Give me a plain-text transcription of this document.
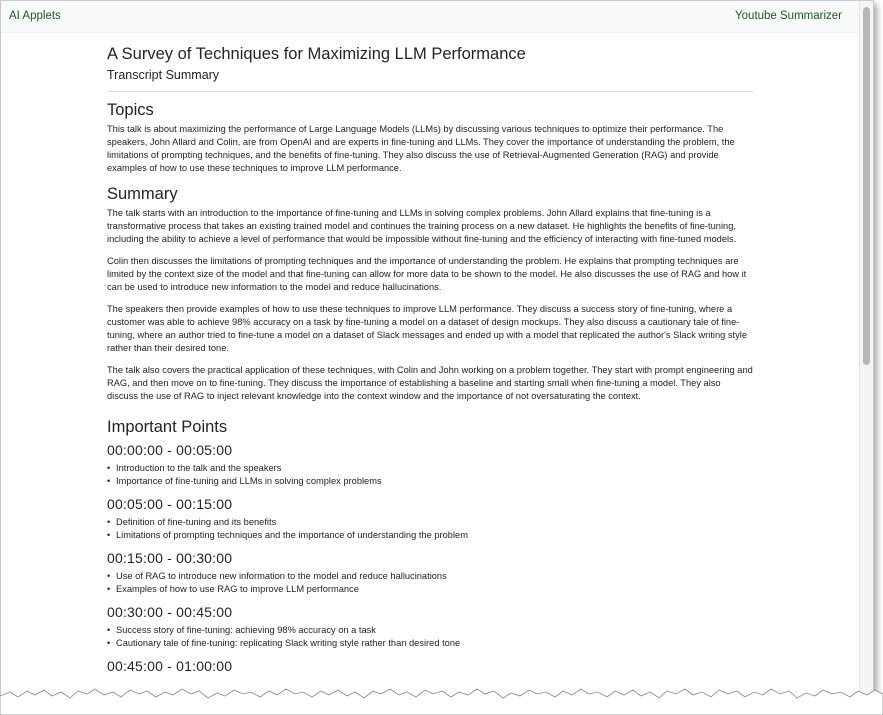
AI Applets	Youtube Summarizer
A Survey of Techniques for Maximizing LLM Performance
Transcript Summary
Topics

This talk is about maximizing the performance of Large Language Models (LLMs) by discussing various techniques to optimize their performance. The speakers, John Allard and Colin, are from OpenAI and are experts in fine-tuning and LLMs. They cover the importance of understanding the problem, the limitations of prompting techniques, and the benefits of fine-tuning. They also discuss the use of Retrieval-Augmented Generation (RAG) and provide examples of how to use these techniques to improve LLM performance.

Summary

The talk starts with an introduction to the importance of fine-tuning and LLMs in solving complex problems. John Allard explains that fine-tuning is a transformative process that takes an existing trained model and continues the training process on a new dataset. He highlights the benefits of fine-tuning, including the ability to achieve a level of performance that would be impossible without fine-tuning and the efficiency of interacting with fine-tuned models.

Colin then discusses the limitations of prompting techniques and the importance of understanding the problem. He explains that prompting techniques are limited by the context size of the model and that fine-tuning can allow for more data to be shown to the model. He also discusses the use of RAG and how it can be used to introduce new information to the model and reduce hallucinations.

The speakers then provide examples of how to use these techniques to improve LLM performance. They discuss a success story of fine-tuning, where a customer was able to achieve 98% accuracy on a task by fine-tuning a model on a dataset of design mockups. They also discuss a cautionary tale of fine-tuning, where an author tried to fine-tune a model on a dataset of Slack messages and ended up with a model that replicated the author's Slack writing style rather than their desired tone.

The talk also covers the practical application of these techniques, with Colin and John working on a problem together. They start with prompt engineering and RAG, and then move on to fine-tuning. They discuss the importance of establishing a baseline and starting small when fine-tuning a model. They also discuss the use of RAG to inject relevant knowledge into the context window and the importance of not oversaturating the context.

Important Points
00:00:00 - 00:05:00
• Introduction to the talk and the speakers
• Importance of fine-tuning and LLMs in solving complex problems
00:05:00 - 00:15:00
• Definition of fine-tuning and its benefits
• Limitations of prompting techniques and the importance of understanding the problem
00:15:00 - 00:30:00
• Use of RAG to introduce new information to the model and reduce hallucinations
• Examples of how to use RAG to improve LLM performance
00:30:00 - 00:45:00
• Success story of fine-tuning: achieving 98% accuracy on a task
• Cautionary tale of fine-tuning: replicating Slack writing style rather than desired tone
00:45:00 - 01:00:00
